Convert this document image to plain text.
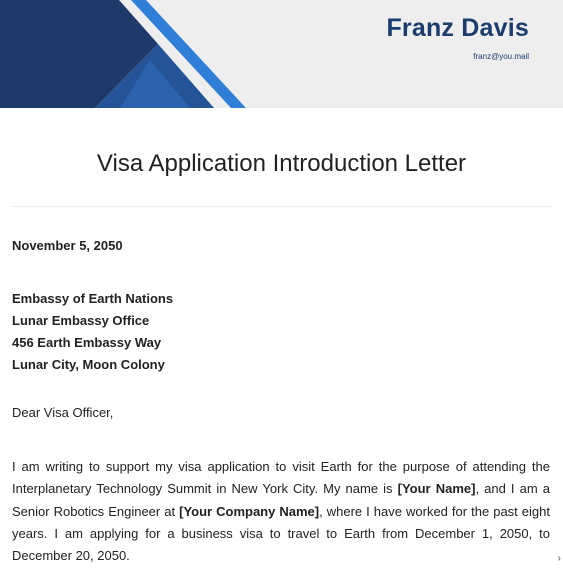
Franz Davis
franz@you.mail
Visa Application Introduction Letter
November 5, 2050
Embassy of Earth Nations
Lunar Embassy Office
456 Earth Embassy Way
Lunar City, Moon Colony
Dear Visa Officer,
I am writing to support my visa application to visit Earth for the purpose of attending the Interplanetary Technology Summit in New York City. My name is [Your Name], and I am a Senior Robotics Engineer at [Your Company Name], where I have worked for the past eight years. I am applying for a business visa to travel to Earth from December 1, 2050, to December 20, 2050.	›
